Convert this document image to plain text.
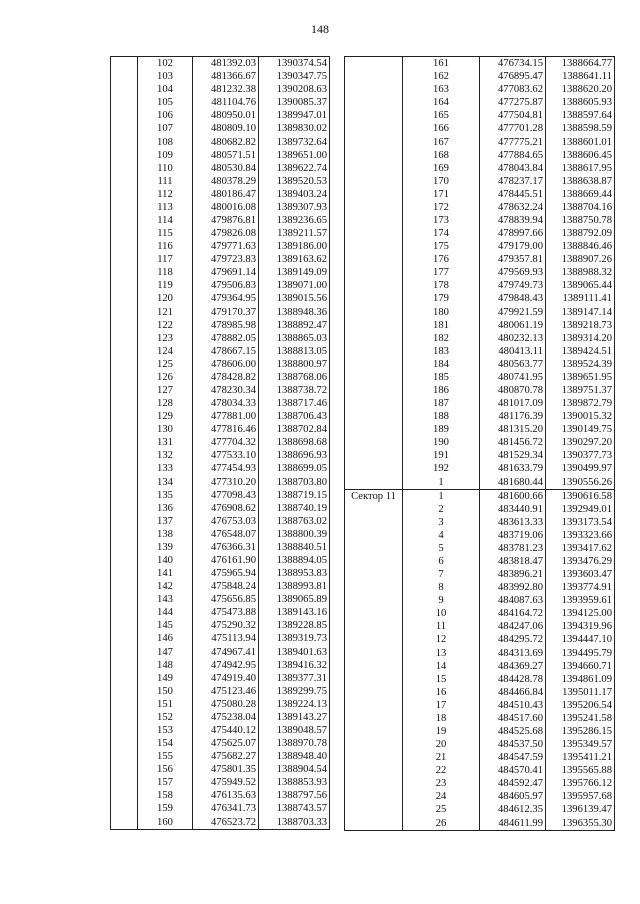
148
	102	481392.03	1390374.54
	103	481366.67	1390347.75
	104	481232.38	1390208.63
	105	481104.76	1390085.37
	106	480950.01	1389947.01
	107	480809.10	1389830.02
	108	480682.82	1389732.64
	109	480571.51	1389651.00
	110	480530.84	1389622.74
	111	480378.29	1389520.53
	112	480186.47	1389403.24
	113	480016.08	1389307.93
	114	479876.81	1389236.65
	115	479826.08	1389211.57
	116	479771.63	1389186.00
	117	479723.83	1389163.62
	118	479691.14	1389149.09
	119	479506.83	1389071.00
	120	479364.95	1389015.56
	121	479170.37	1388948.36
	122	478985.98	1388892.47
	123	478882.05	1388865.03
	124	478667.15	1388813.05
	125	478606.00	1388800.97
	126	478428.82	1388768.06
	127	478230.34	1388738.72
	128	478034.33	1388717.46
	129	477881.00	1388706.43
	130	477816.46	1388702.84
	131	477704.32	1388698.68
	132	477533.10	1388696.93
	133	477454.93	1388699.05
	134	477310.20	1388703.80
	135	477098.43	1388719.15
	136	476908.62	1388740.19
	137	476753.03	1388763.02
	138	476548.07	1388800.39
	139	476366.31	1388840.51
	140	476161.90	1388894.05
	141	475965.94	1388953.83
	142	475848.24	1388993.81
	143	475656.85	1389065.89
	144	475473.88	1389143.16
	145	475290.32	1389228.85
	146	475113.94	1389319.73
	147	474967.41	1389401.63
	148	474942.95	1389416.32
	149	474919.40	1389377.31
	150	475123.46	1389299.75
	151	475080.28	1389224.13
	152	475238.04	1389143.27
	153	475440.12	1389048.57
	154	475625.07	1388970.78
	155	475682.27	1388948.40
	156	475801.35	1388904.54
	157	475949.52	1388853.93
	158	476135.63	1388797.56
	159	476341.73	1388743.57
	160	476523.72	1388703.33
	161	476734.15	1388664.77
	162	476895.47	1388641.11
	163	477083.62	1388620.20
	164	477275.87	1388605.93
	165	477504.81	1388597.64
	166	477701.28	1388598.59
	167	477775.21	1388601.01
	168	477884.65	1388606.45
	169	478043.84	1388617.95
	170	478237.17	1388638.87
	171	478445.51	1388669.44
	172	478632.24	1388704.16
	173	478839.94	1388750.78
	174	478997.66	1388792.09
	175	479179.00	1388846.46
	176	479357.81	1388907.26
	177	479569.93	1388988.32
	178	479749.73	1389065.44
	179	479848.43	1389111.41
	180	479921.59	1389147.14
	181	480061.19	1389218.73
	182	480232.13	1389314.20
	183	480413.11	1389424.51
	184	480563.77	1389524.39
	185	480741.95	1389651.95
	186	480870.78	1389751.37
	187	481017.09	1389872.79
	188	481176.39	1390015.32
	189	481315.20	1390149.75
	190	481456.72	1390297.20
	191	481529.34	1390377.73
	192	481633.79	1390499.97
	1	481680.44	1390556.26
Сектор 11	1	481600.66	1390616.58
	2	483440.91	1392949.01
	3	483613.33	1393173.54
	4	483719.06	1393323.66
	5	483781.23	1393417.62
	6	483818.47	1393476.29
	7	483896.21	1393603.47
	8	483992.80	1393774.91
	9	484087.63	1393959.61
	10	484164.72	1394125.00
	11	484247.06	1394319.96
	12	484295.72	1394447.10
	13	484313.69	1394495.79
	14	484369.27	1394660.71
	15	484428.78	1394861.09
	16	484466.84	1395011.17
	17	484510.43	1395206.54
	18	484517.60	1395241.58
	19	484525.68	1395286.15
	20	484537.50	1395349.57
	21	484547.59	1395411.21
	22	484570.41	1395565.88
	23	484592.47	1395766.12
	24	484605.97	1395957.68
	25	484612.35	1396139.47
	26	484611.99	1396355.30
